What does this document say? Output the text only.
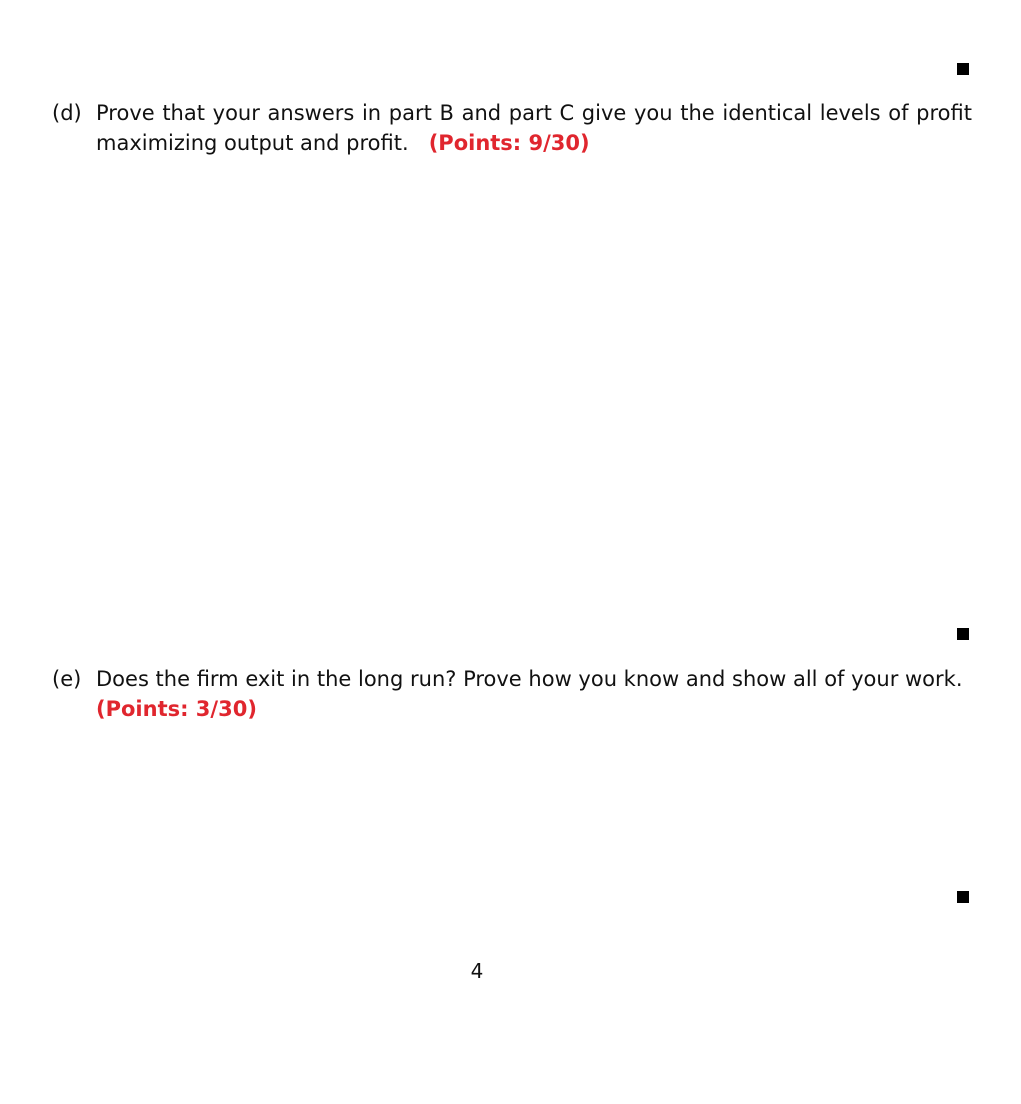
(d) Prove that your answers in part B and part C give you the identical levels of profit maximizing output and profit. (Points: 9/30)
(e) Does the firm exit in the long run? Prove how you know and show all of your work.
(Points: 3/30)
4
